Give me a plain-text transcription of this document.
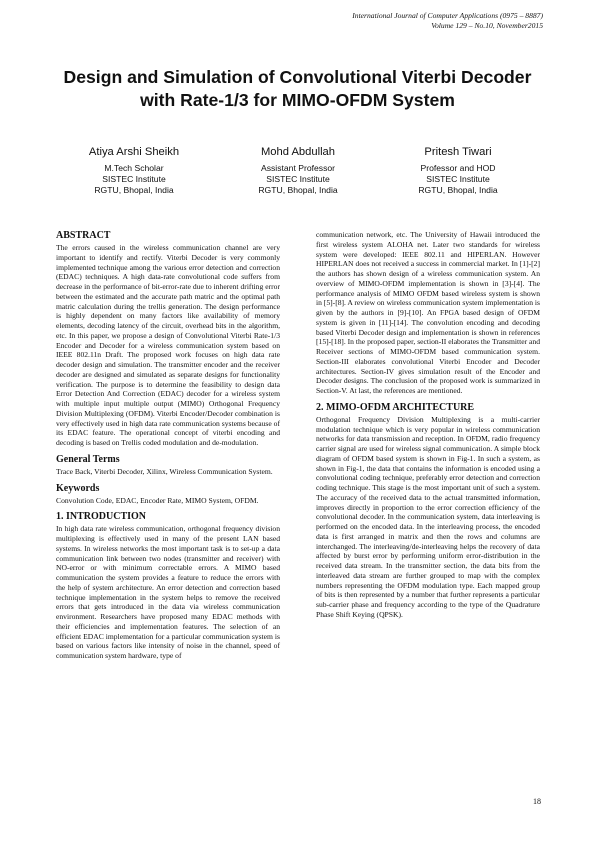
International Journal of Computer Applications (0975 – 8887)
Volume 129 – No.10, November2015
Design and Simulation of Convolutional Viterbi Decoder
with Rate-1/3 for MIMO-OFDM System
Atiya Arshi Sheikh
M.Tech Scholar
SISTEC Institute
RGTU, Bhopal, India
Mohd Abdullah
Assistant Professor
SISTEC Institute
RGTU, Bhopal, India
Pritesh Tiwari
Professor and HOD
SISTEC Institute
RGTU, Bhopal, India
ABSTRACT

The errors caused in the wireless communication channel are very important to identify and rectify. Viterbi Decoder is very commonly implemented technique among the various error detection and correction (EDAC) techniques. A high data-rate convolutional code suffers from decrease in the performance of bit-error-rate due to inherent drifting error between the estimated and the accurate path matric and the optimal path matric calculation during the trellis generation. The design performance is highly dependent on many factors like availability of memory elements, decoding latency of the circuit, overhead bits in the algorithm, etc. In this paper, we propose a design of Convolutional Viterbi Rate-1/3 Encoder and Decoder for a wireless communication system based on IEEE 802.11n Draft. The proposed work focuses on high data rate decoder design and simulation. The transmitter encoder and the receiver decoder are designed and simulated as separate designs for functionality verification. The purpose is to determine the feasibility to design data Error Detection And Correction (EDAC) decoder for a wireless system with multiple input multiple output (MIMO) Orthogonal Frequency Division Multiplexing (OFDM). Viterbi Encoder/Decoder combination is very effectively used in high data rate communication systems because of its EDAC feature. The operational concept of viterbi encoding and decoding is based on Trellis coded modulation and de-modulation.

General Terms

Trace Back, Viterbi Decoder, Xilinx, Wireless Communication System.

Keywords

Convolution Code, EDAC, Encoder Rate, MIMO System, OFDM.

1. INTRODUCTION

In high data rate wireless communication, orthogonal frequency division multiplexing is effectively used in many of the present LAN based systems. In wireless networks the most important task is to set-up a data communication link between two nodes (transmitter and receiver) with NO-error or with minimum correctable errors. A MIMO based communication the system provides a feature to reduce the errors with the help of system architecture. An error detection and correction based technique implementation in the system helps to remove the received errors that gets introduced in the data via wireless communication environment. Researchers have proposed many EDAC methods with their efficiencies and implementation features. The selection of an efficient EDAC implementation for a particular communication system is based on various factors like intensity of noise in the channel, speed of communication system hardware, type of

communication network, etc. The University of Hawaii introduced the first wireless system ALOHA net. Later two standards for wireless system were developed: IEEE 802.11 and HIPERLAN. However HIPERLAN does not received a success in commercial market. In [1]-[2] the authors has shown design of a wireless communication system. An overview of MIMO-OFDM implementation is shown in [3]-[4]. The performance analysis of MIMO OFDM based wireless system is shown in [5]-[8]. A review on wireless communication system implementation is given by the authors in [9]-[10]. An FPGA based design of OFDM system is given in [11]-[14]. The convolution encoding and decoding based Viterbi Decoder design and implementation is shown in references [15]-[18]. In the proposed paper, section-II elaborates the Transmitter and Receiver sections of MIMO-OFDM based communication system. Section-III elaborates convolutional Viterbi Encoder and Decoder architectures. Section-IV gives simulation result of the Encoder and Decoder designs. The conclusion of the proposed work is summarized in Section-V. At last, the references are mentioned.

2. MIMO-OFDM ARCHITECTURE

Orthogonal Frequency Division Multiplexing is a multi-carrier modulation technique which is very popular in wireless communication networks for data transmission and reception. In OFDM, radio frequency carrier signal are used for wireless signal communication. A simple block diagram of OFDM based system is shown in Fig-1. In such a system, as shown in Fig-1, the data that contains the information is encoded using a convolutional coding technique, preferably error detection and correction coding technique. This stage is the most important unit of such a system. The accuracy of the received data to the actual transmitted information, improves directly in proportion to the error correction efficiency of the convolutional decoder. In the communication system, data interleaving is performed on the encoded data. In the interleaving process, the encoded data is first arranged in matrix and then the rows and columns are interchanged. The interleaving/de-interleaving helps the recovery of data affected by burst error by performing uniform error-distribution in the received data stream. In the transmitter section, the data bits from the interleaved data stream are further grouped to map with the complex numbers representing the OFDM modulation type. Each mapped group of bits is then represented by a number that further represents a particular sub-carrier phase and frequency according to the type of the Quadrature Phase Shift Keying (QPSK).

18
